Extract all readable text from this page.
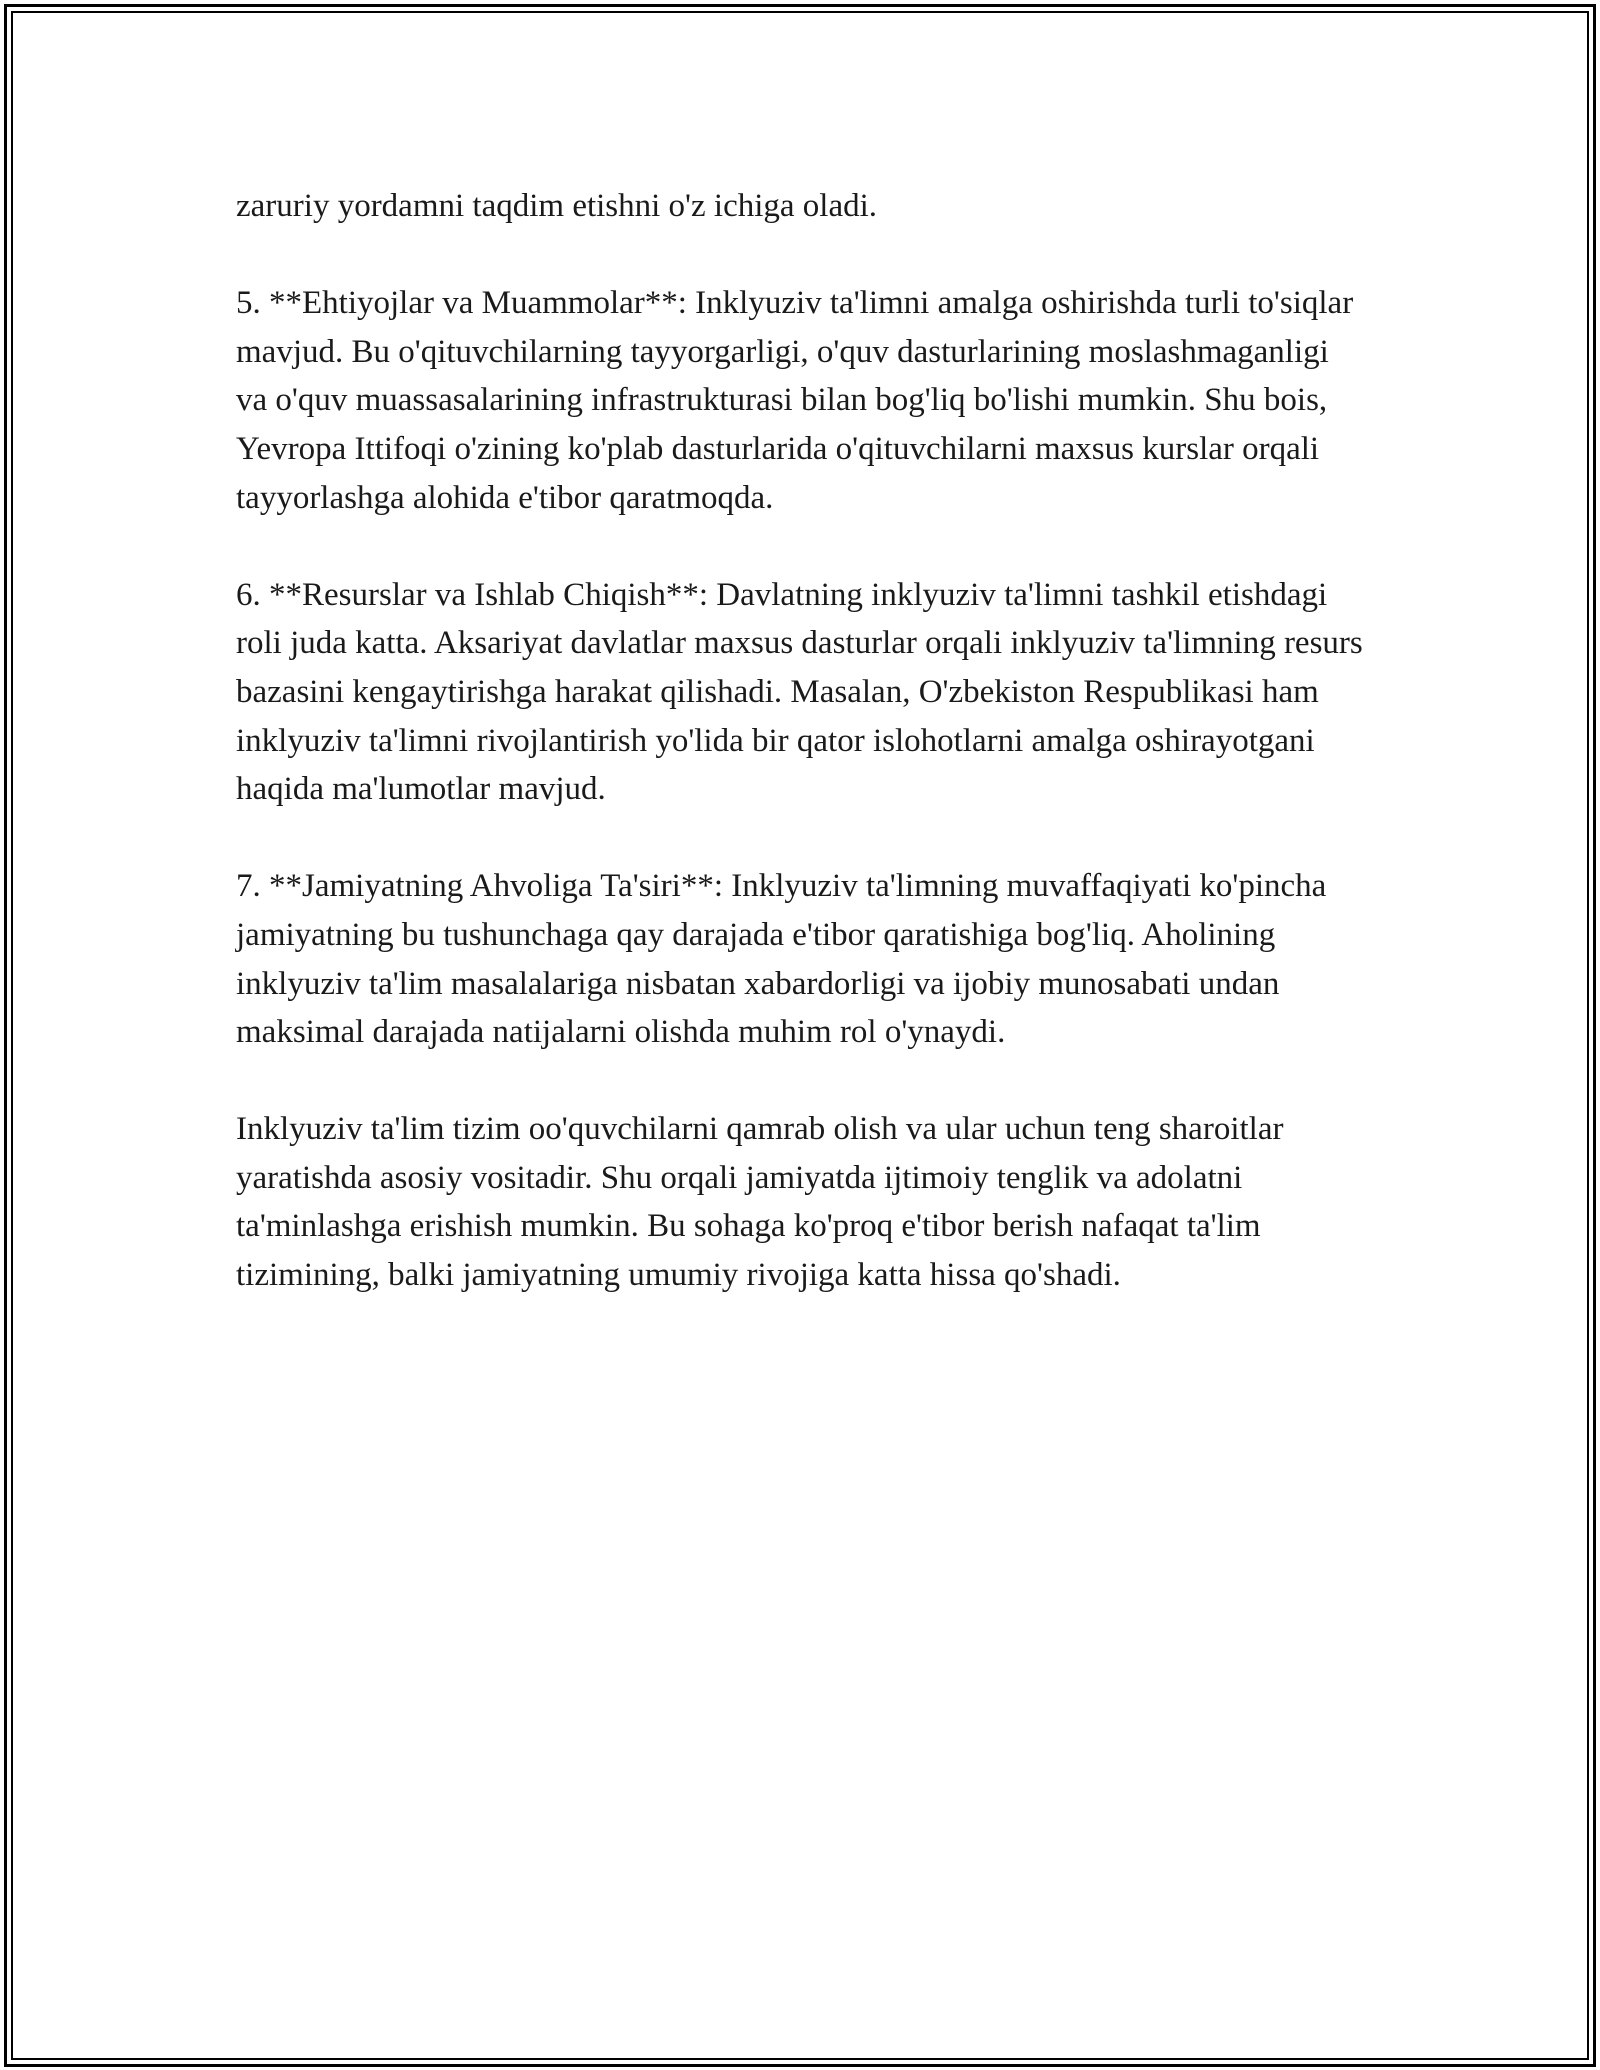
zaruriy yordamni taqdim etishni o'z ichiga oladi.

5. **Ehtiyojlar va Muammolar**: Inklyuziv ta'limni amalga oshirishda turli to'siqlar mavjud. Bu o'qituvchilarning tayyorgarligi, o'quv dasturlarining moslashmaganligi va o'quv muassasalarining infrastrukturasi bilan bog'liq bo'lishi mumkin. Shu bois, Yevropa Ittifoqi o'zining ko'plab dasturlarida o'qituvchilarni maxsus kurslar orqali tayyorlashga alohida e'tibor qaratmoqda.

6. **Resurslar va Ishlab Chiqish**: Davlatning inklyuziv ta'limni tashkil etishdagi roli juda katta. Aksariyat davlatlar maxsus dasturlar orqali inklyuziv ta'limning resurs bazasini kengaytirishga harakat qilishadi. Masalan, O'zbekiston Respublikasi ham inklyuziv ta'limni rivojlantirish yo'lida bir qator islohotlarni amalga oshirayotgani haqida ma'lumotlar mavjud.

7. **Jamiyatning Ahvoliga Ta'siri**: Inklyuziv ta'limning muvaffaqiyati ko'pincha jamiyatning bu tushunchaga qay darajada e'tibor qaratishiga bog'liq. Aholining inklyuziv ta'lim masalalariga nisbatan xabardorligi va ijobiy munosabati undan maksimal darajada natijalarni olishda muhim rol o'ynaydi.

Inklyuziv ta'lim tizim oo'quvchilarni qamrab olish va ular uchun teng sharoitlar yaratishda asosiy vositadir. Shu orqali jamiyatda ijtimoiy tenglik va adolatni ta'minlashga erishish mumkin. Bu sohaga ko'proq e'tibor berish nafaqat ta'lim tizimining, balki jamiyatning umumiy rivojiga katta hissa qo'shadi.
